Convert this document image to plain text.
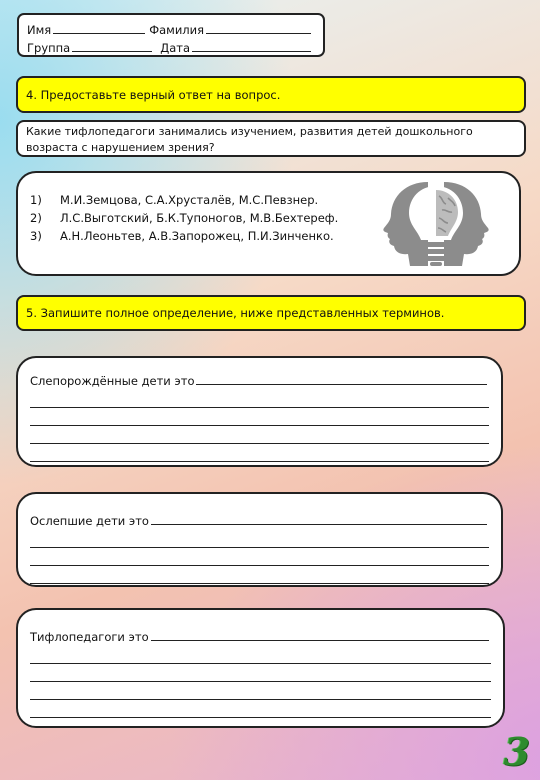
Имя	Фамилия
Группа	Дата
4. Предоставьте верный ответ на вопрос.
Какие тифлопедагоги занимались изучением, развития детей дошкольного возраста с нарушением зрения?
1)	М.И.Земцова, С.А.Хрусталёв, М.С.Певзнер.
2)	Л.С.Выготский, Б.К.Тупоногов, М.В.Бехтереф.
3)	А.Н.Леоньтев, А.В.Запорожец, П.И.Зинченко.
5. Запишите полное определение, ниже представленных терминов.
Слепорождённые дети это
Ослепшие дети это
Тифлопедагоги это
3
